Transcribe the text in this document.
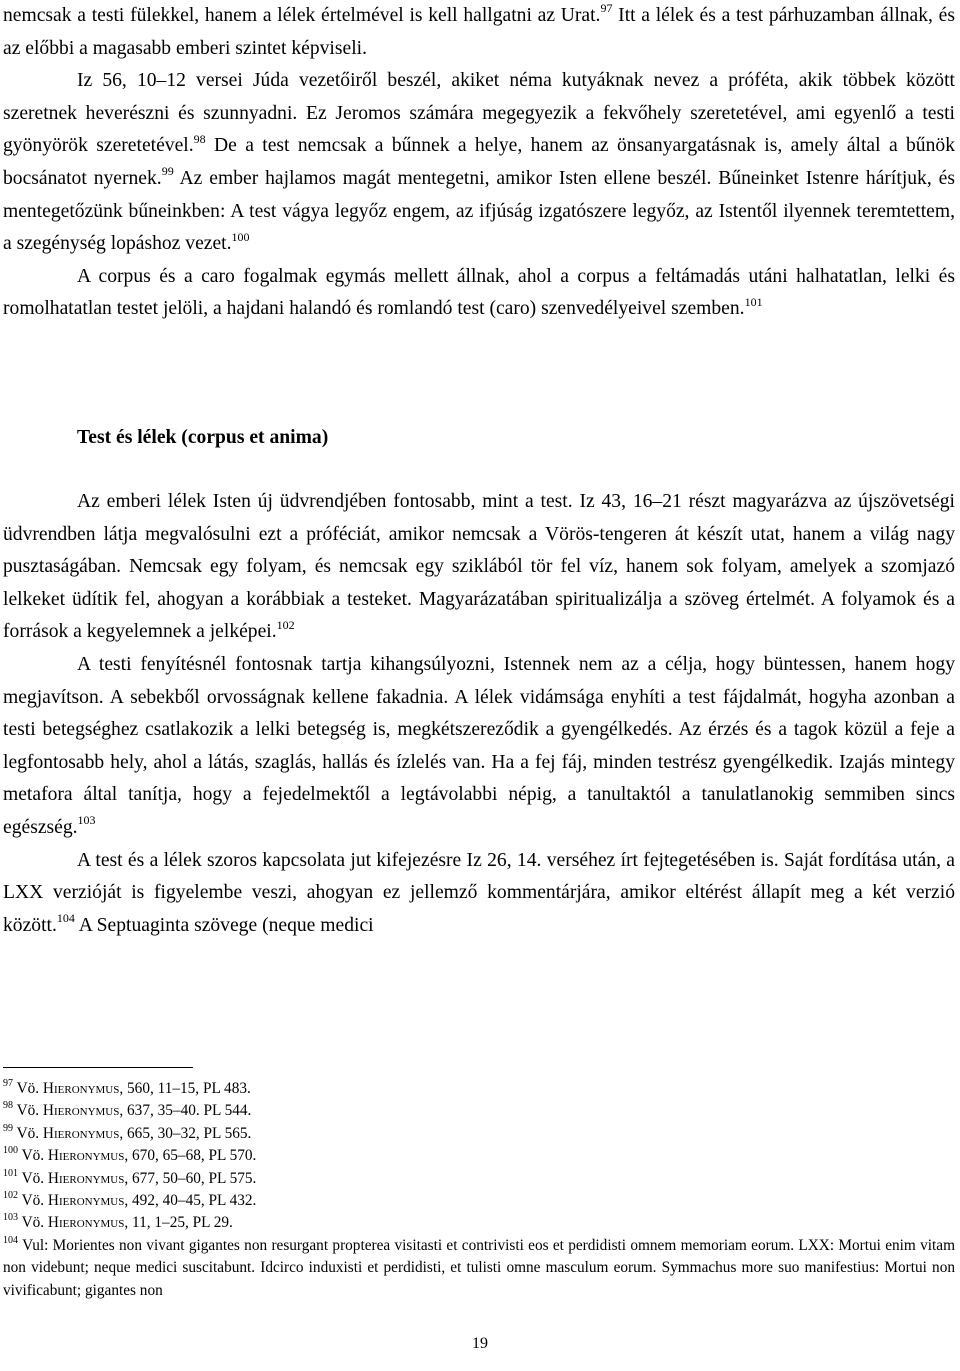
nemcsak a testi fülekkel, hanem a lélek értelmével is kell hallgatni az Urat.$^{97}$ Itt a lélek és a test párhuzamban állnak, és az előbbi a magasabb emberi szintet képviseli.

Iz 56, 10–12 versei Júda vezetőiről beszél, akiket néma kutyáknak nevez a próféta, akik többek között szeretnek heverészni és szunnyadni. Ez Jeromos számára megegyezik a fekvőhely szeretetével, ami egyenlő a testi gyönyörök szeretetével.$^{98}$ De a test nemcsak a bűnnek a helye, hanem az önsanyargatásnak is, amely által a bűnök bocsánatot nyernek.$^{99}$ Az ember hajlamos magát mentegetni, amikor Isten ellene beszél. Bűneinket Istenre hárítjuk, és mentegetőzünk bűneinkben: A test vágya legyőz engem, az ifjúság izgatószere legyőz, az Istentől ilyennek teremtettem, a szegénység lopáshoz vezet.$^{100}$

A corpus és a caro fogalmak egymás mellett állnak, ahol a corpus a feltámadás utáni halhatatlan, lelki és romolhatatlan testet jelöli, a hajdani halandó és romlandó test (caro) szenvedélyeivel szemben.$^{101}$

Test és lélek (corpus et anima)

Az emberi lélek Isten új üdvrendjében fontosabb, mint a test. Iz 43, 16–21 részt magyarázva az újszövetségi üdvrendben látja megvalósulni ezt a próféciát, amikor nemcsak a Vörös-tengeren át készít utat, hanem a világ nagy pusztaságában. Nemcsak egy folyam, és nemcsak egy sziklából tör fel víz, hanem sok folyam, amelyek a szomjazó lelkeket üdítik fel, ahogyan a korábbiak a testeket. Magyarázatában spiritualizálja a szöveg értelmét. A folyamok és a források a kegyelemnek a jelképei.$^{102}$

A testi fenyítésnél fontosnak tartja kihangsúlyozni, Istennek nem az a célja, hogy büntessen, hanem hogy megjavítson. A sebekből orvosságnak kellene fakadnia. A lélek vidámsága enyhíti a test fájdalmát, hogyha azonban a testi betegséghez csatlakozik a lelki betegség is, megkétszereződik a gyengélkedés. Az érzés és a tagok közül a feje a legfontosabb hely, ahol a látás, szaglás, hallás és ízlelés van. Ha a fej fáj, minden testrész gyengélkedik. Izajás mintegy metafora által tanítja, hogy a fejedelmektől a legtávolabbi népig, a tanultaktól a tanulatlanokig semmiben sincs egészség.$^{103}$

A test és a lélek szoros kapcsolata jut kifejezésre Iz 26, 14. verséhez írt fejtegetésében is. Saját fordítása után, a LXX verzióját is figyelembe veszi, ahogyan ez jellemző kommentárjára, amikor eltérést állapít meg a két verzió között.$^{104}$ A Septuaginta szövege (neque medici

$^{97}$ Vö. Hieronymus, 560, 11–15, PL 483.

$^{98}$ Vö. Hieronymus, 637, 35–40. PL 544.

$^{99}$ Vö. Hieronymus, 665, 30–32, PL 565.

$^{100}$ Vö. Hieronymus, 670, 65–68, PL 570.

$^{101}$ Vö. Hieronymus, 677, 50–60, PL 575.

$^{102}$ Vö. Hieronymus, 492, 40–45, PL 432.

$^{103}$ Vö. Hieronymus, 11, 1–25, PL 29.

$^{104}$ Vul: Morientes non vivant gigantes non resurgant propterea visitasti et contrivisti eos et perdidisti omnem memoriam eorum. LXX: Mortui enim vitam non videbunt; neque medici suscitabunt. Idcirco induxisti et perdidisti, et tulisti omne masculum eorum. Symmachus more suo manifestius: Mortui non vivificabunt; gigantes non

19
